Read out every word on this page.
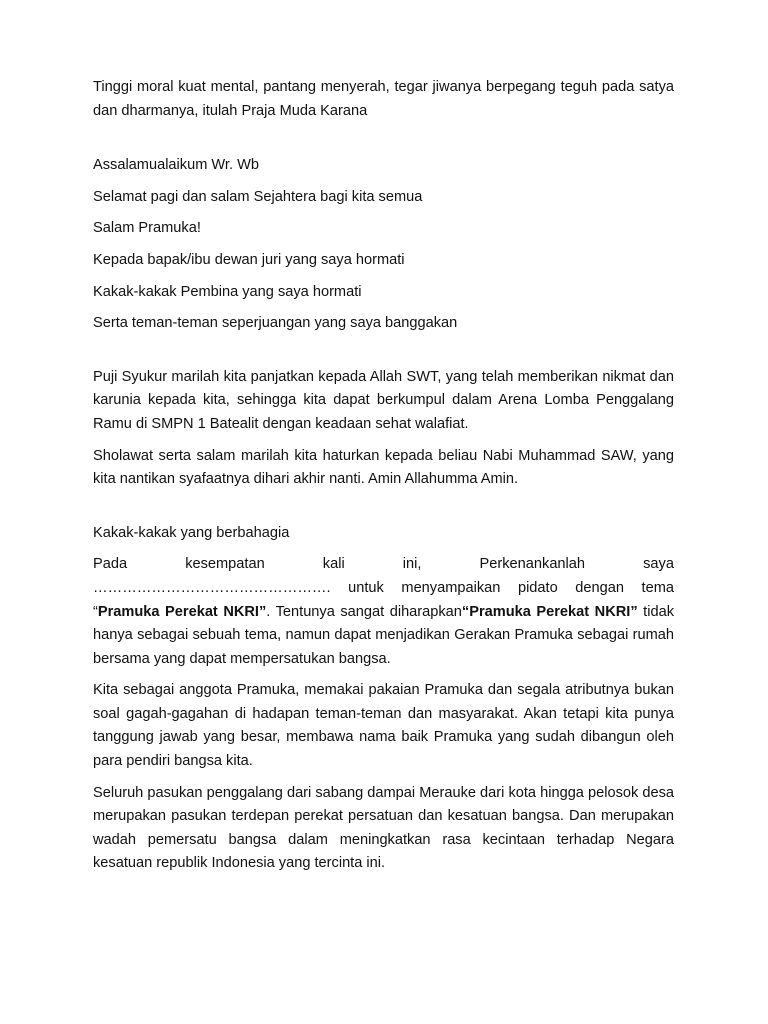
Tinggi moral kuat mental, pantang menyerah, tegar jiwanya berpegang teguh pada satya dan dharmanya, itulah Praja Muda Karana

Assalamualaikum Wr. Wb

Selamat pagi dan salam Sejahtera bagi kita semua

Salam Pramuka!

Kepada bapak/ibu dewan juri yang saya hormati

Kakak-kakak Pembina yang saya hormati

Serta teman-teman seperjuangan yang saya banggakan

Puji Syukur marilah kita panjatkan kepada Allah SWT, yang telah memberikan nikmat dan karunia kepada kita, sehingga kita dapat berkumpul dalam Arena Lomba Penggalang Ramu di SMPN 1 Batealit dengan keadaan sehat walafiat.

Sholawat serta salam marilah kita haturkan kepada beliau Nabi Muhammad SAW, yang kita nantikan syafaatnya dihari akhir nanti. Amin Allahumma Amin.

Kakak-kakak yang berbahagia

Pada	kesempatan	kali	ini,	Perkenankanlah	saya
…………………………………………. untuk menyampaikan pidato dengan tema “Pramuka Perekat NKRI”. Tentunya sangat diharapkan“Pramuka Perekat NKRI” tidak hanya sebagai sebuah tema, namun dapat menjadikan Gerakan Pramuka sebagai rumah bersama yang dapat mempersatukan bangsa.

Kita sebagai anggota Pramuka, memakai pakaian Pramuka dan segala atributnya bukan soal gagah-gagahan di hadapan teman-teman dan masyarakat. Akan tetapi kita punya tanggung jawab yang besar, membawa nama baik Pramuka yang sudah dibangun oleh para pendiri bangsa kita.

Seluruh pasukan penggalang dari sabang dampai Merauke dari kota hingga pelosok desa merupakan pasukan terdepan perekat persatuan dan kesatuan bangsa. Dan merupakan wadah pemersatu bangsa dalam meningkatkan rasa kecintaan terhadap Negara kesatuan republik Indonesia yang tercinta ini.
